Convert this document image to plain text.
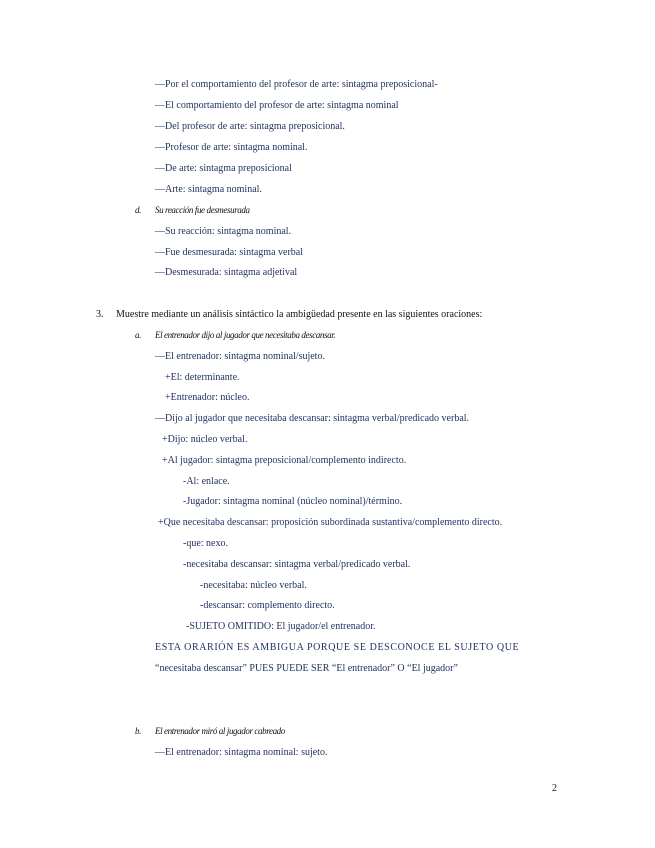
—Por el comportamiento del profesor de arte: sintagma preposicional-
—El comportamiento del profesor de arte: sintagma nominal
—Del profesor de arte: sintagma preposicional.
—Profesor de arte: sintagma nominal.
—De arte: sintagma preposicional
—Arte: sintagma nominal.
d. Su reacción fue desmesurada
—Su reacción: sintagma nominal.
—Fue desmesurada: sintagma verbal
—Desmesurada: sintagma adjetival
3. Muestre mediante un análisis sintáctico la ambigüedad presente en las siguientes oraciones:
a. El entrenador dijo al jugador que necesitaba descansar.
—El entrenador: sintagma nominal/sujeto.
+El: determinante.
+Entrenador: núcleo.
—Dijo al jugador que necesitaba descansar: sintagma verbal/predicado verbal.
+Dijo: núcleo verbal.
+Al jugador: sintagma preposicional/complemento indirecto.
-Al: enlace.
-Jugador: sintagma nominal (núcleo nominal)/término.
+Que necesitaba descansar: proposición subordinada sustantiva/complemento directo.
-que: nexo.
-necesitaba descansar: sintagma verbal/predicado verbal.
-necesitaba: núcleo verbal.
-descansar: complemento directo.
-SUJETO OMITIDO: El jugador/el entrenador.
ESTA ORARIÓN ES AMBIGUA PORQUE SE DESCONOCE EL SUJETO QUE
“necesitaba descansar” PUES PUEDE SER “El entrenador” O “El jugador”
b. El entrenador miró al jugador cabreado
—El entrenador: sintagma nominal: sujeto.
2
